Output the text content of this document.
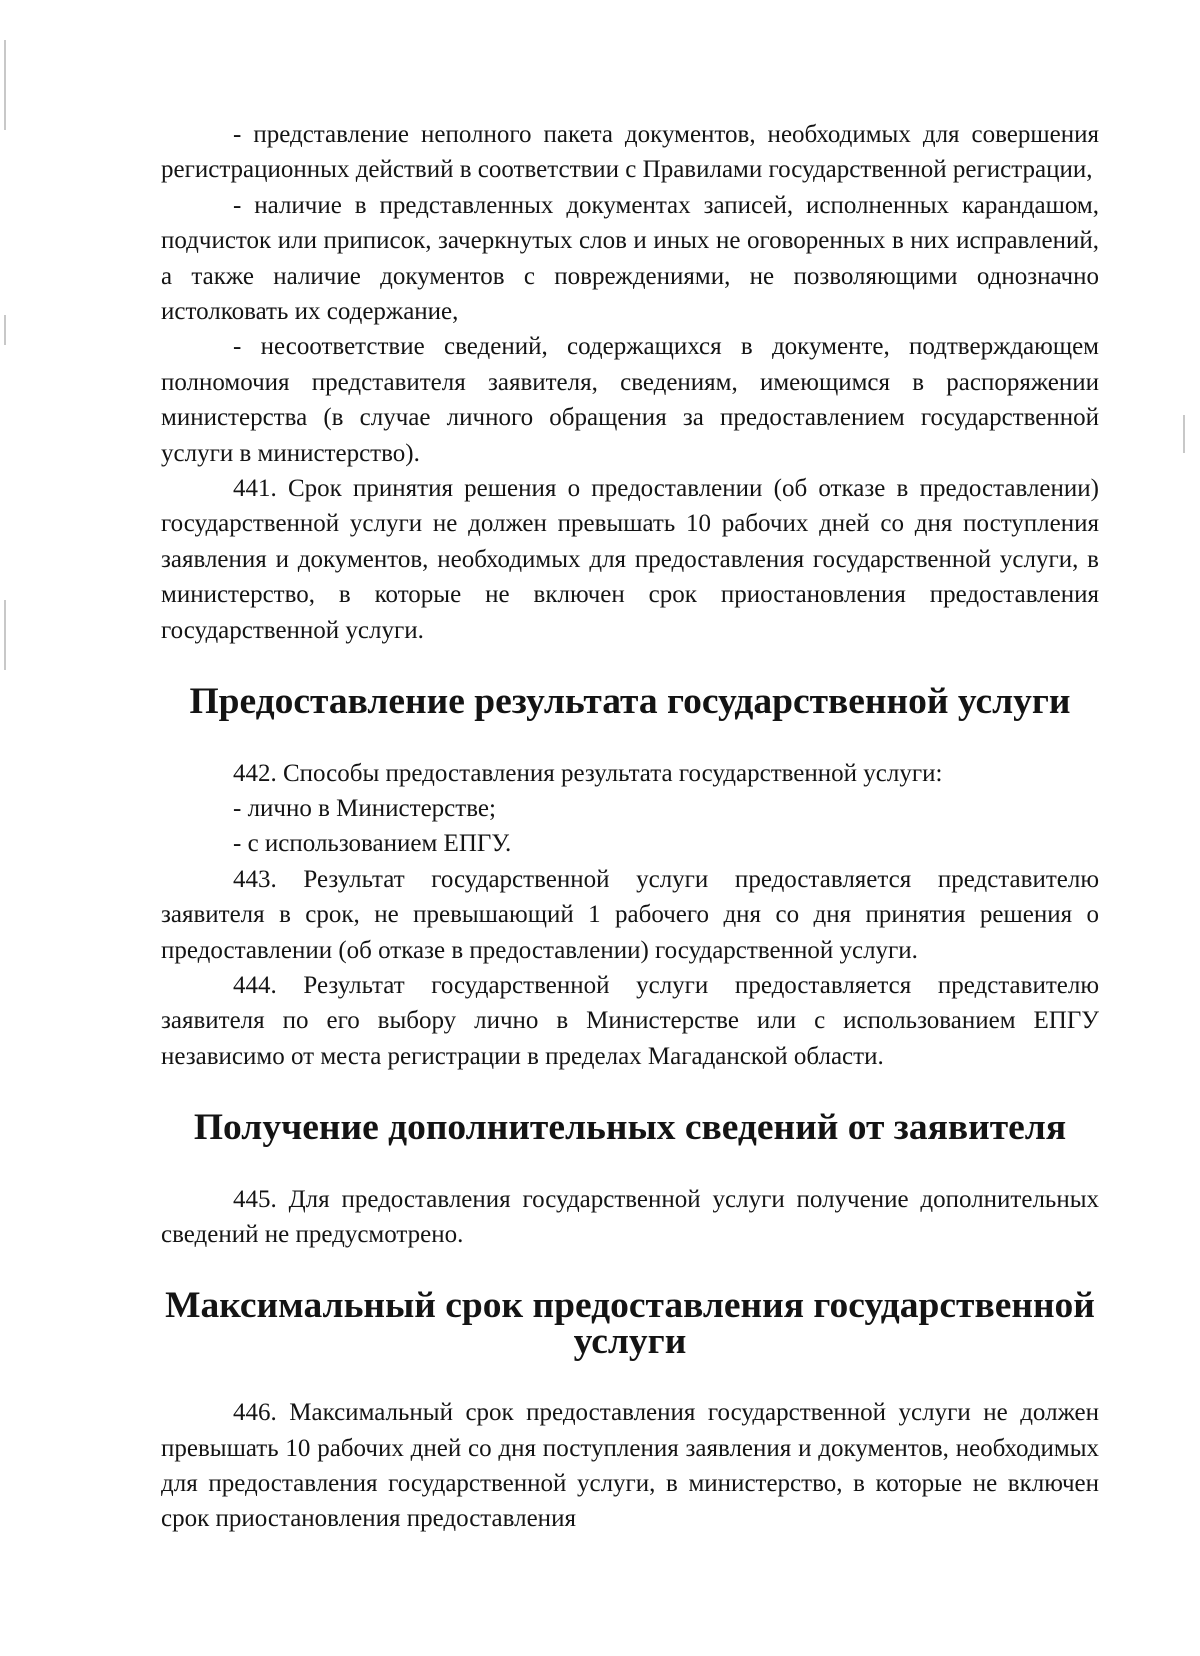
- представление неполного пакета документов, необходимых для совершения регистрационных действий в соответствии с Правилами государственной регистрации,

- наличие в представленных документах записей, исполненных карандашом, подчисток или приписок, зачеркнутых слов и иных не оговоренных в них исправлений, а также наличие документов с повреждениями, не позволяющими однозначно истолковать их содержание,

- несоответствие сведений, содержащихся в документе, подтверждающем полномочия представителя заявителя, сведениям, имеющимся в распоряжении министерства (в случае личного обращения за предоставлением государственной услуги в министерство).

441. Срок принятия решения о предоставлении (об отказе в предоставлении) государственной услуги не должен превышать 10 рабочих дней со дня поступления заявления и документов, необходимых для предоставления государственной услуги, в министерство, в которые не включен срок приостановления предоставления государственной услуги.

Предоставление результата государственной услуги

442. Способы предоставления результата государственной услуги:

- лично в Министерстве;

- с использованием ЕПГУ.

443. Результат государственной услуги предоставляется представителю заявителя в срок, не превышающий 1 рабочего дня со дня принятия решения о предоставлении (об отказе в предоставлении) государственной услуги.

444. Результат государственной услуги предоставляется представителю заявителя по его выбору лично в Министерстве или с использованием ЕПГУ независимо от места регистрации в пределах Магаданской области.

Получение дополнительных сведений от заявителя

445. Для предоставления государственной услуги получение дополнительных сведений не предусмотрено.

Максимальный срок предоставления государственной услуги

446. Максимальный срок предоставления государственной услуги не должен превышать 10 рабочих дней со дня поступления заявления и документов, необходимых для предоставления государственной услуги, в министерство, в которые не включен срок приостановления предоставления
